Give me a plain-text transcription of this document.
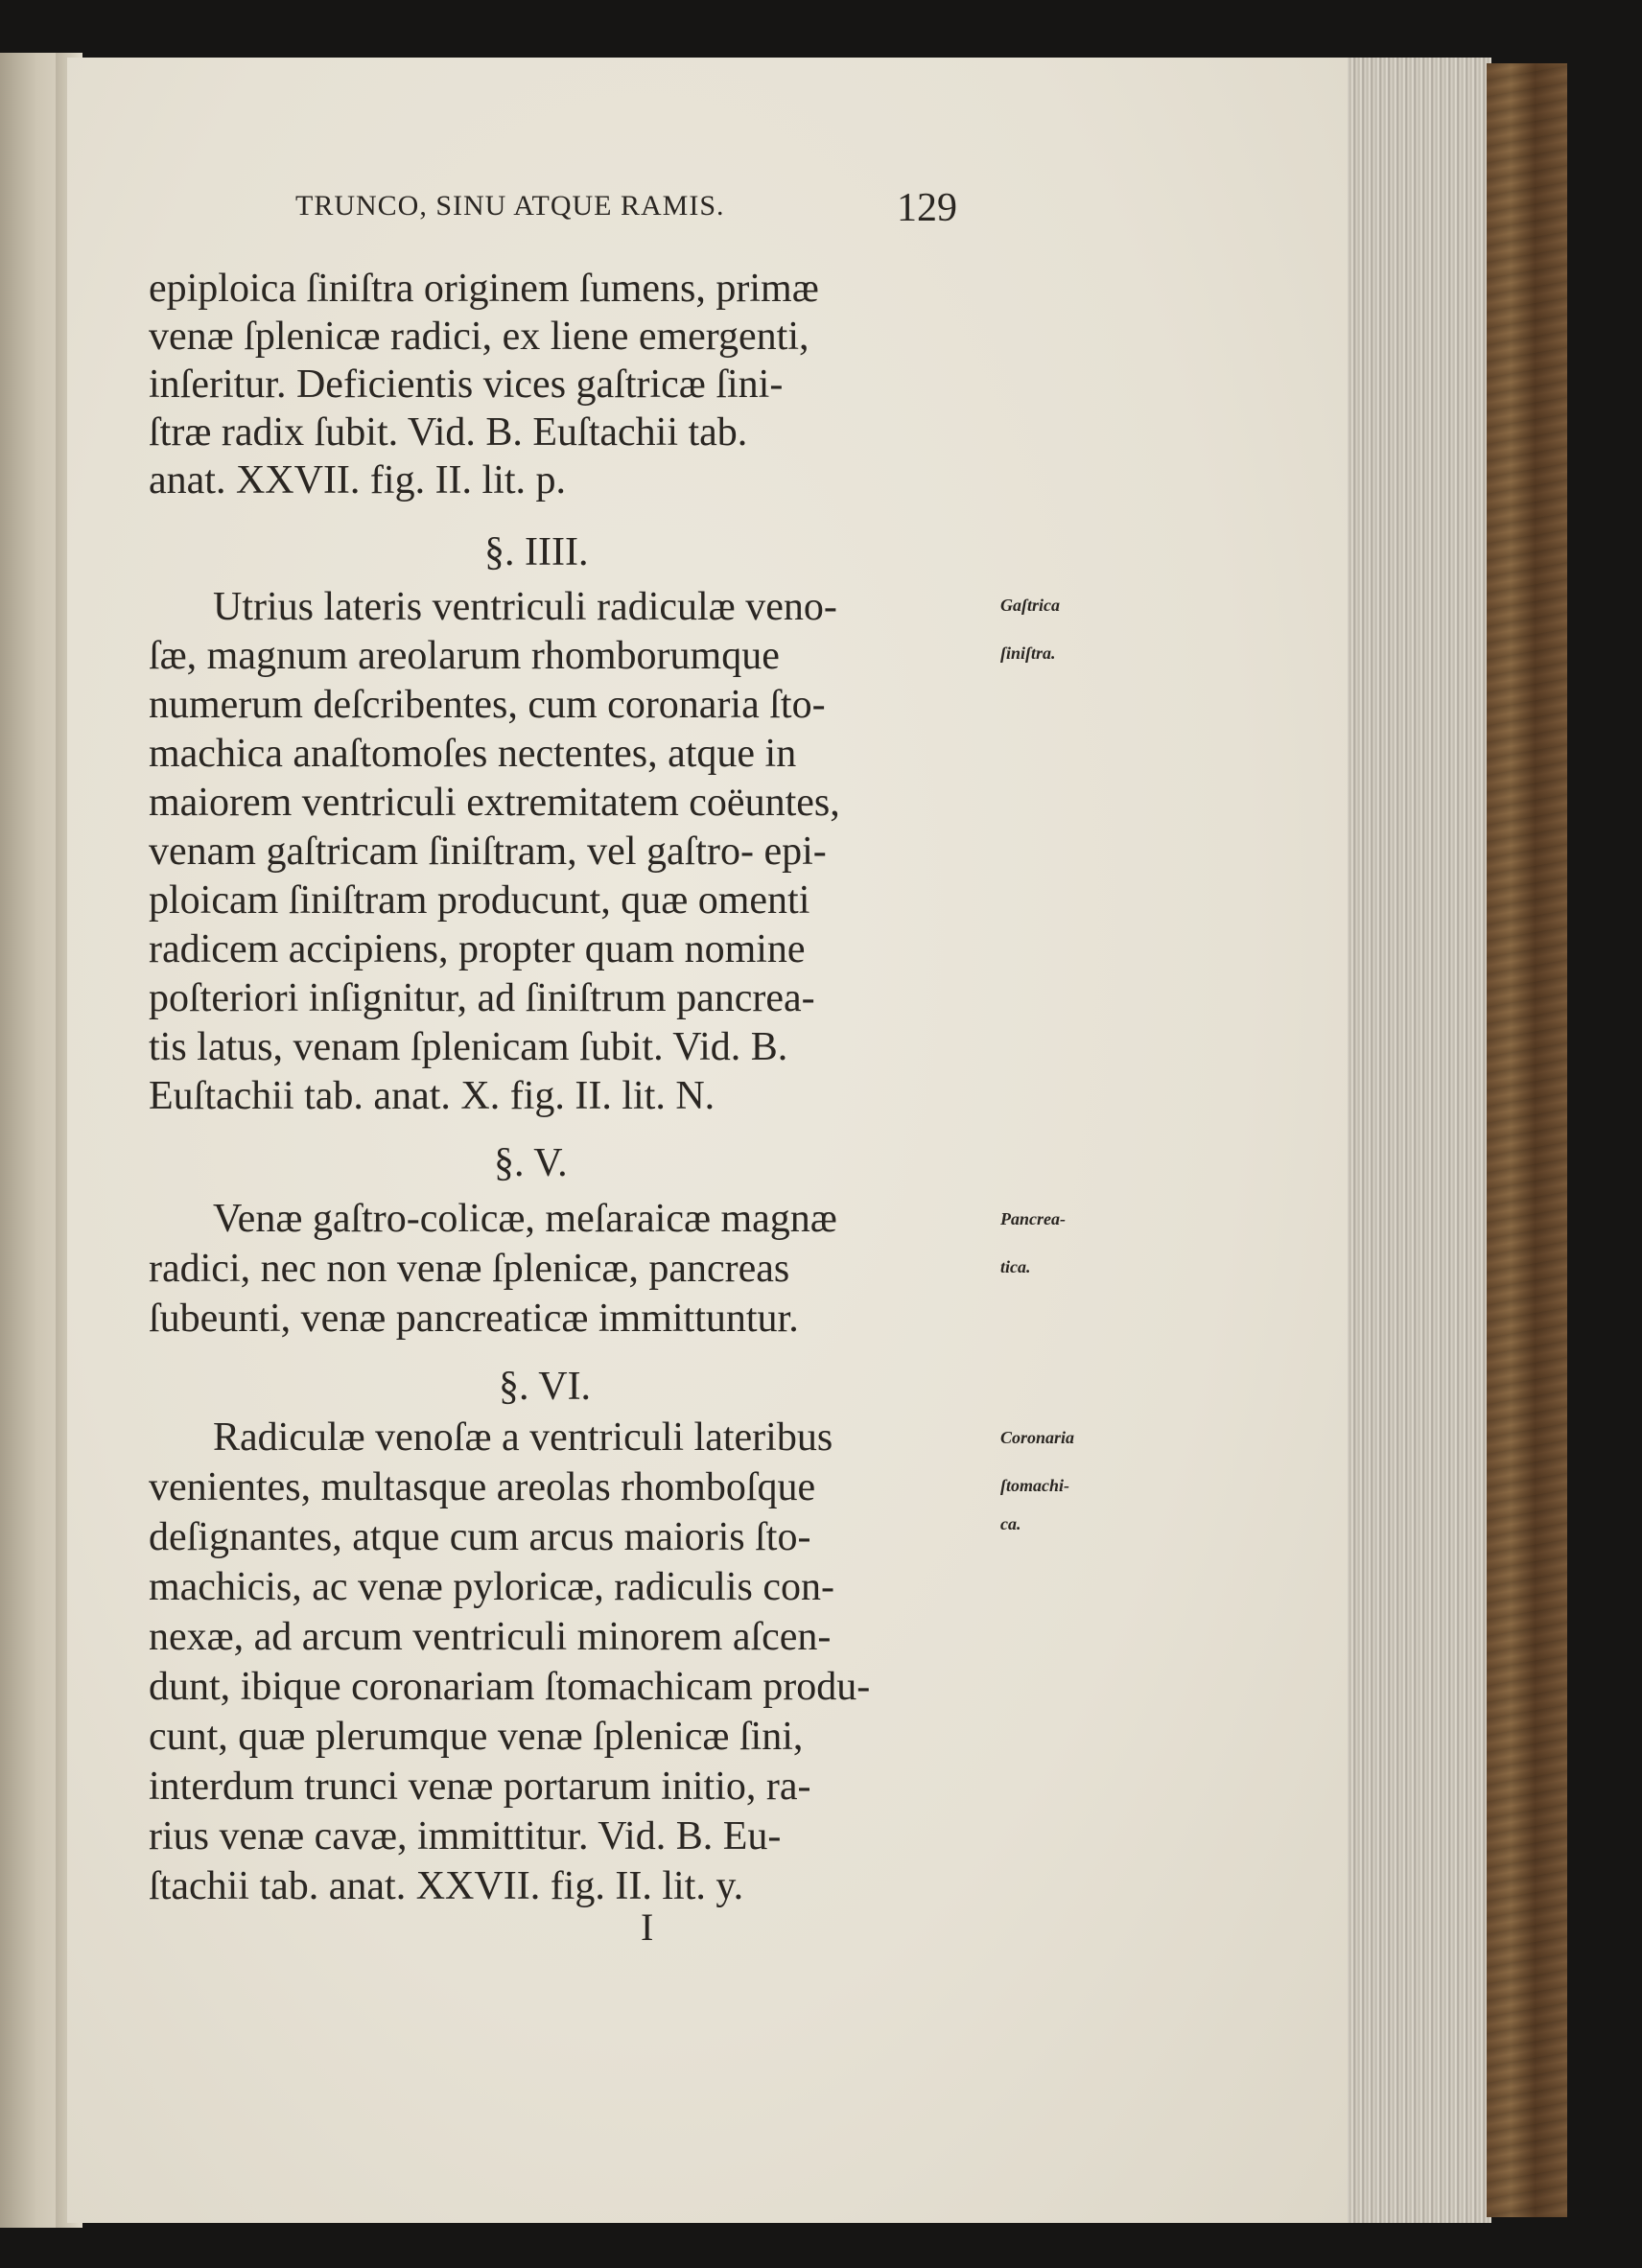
TRUNCO, SINU ATQUE RAMIS.	129
epiploica ſiniſtra originem ſumens, primæ
venæ ſplenicæ radici, ex liene emergenti,
inſeritur. Deficientis vices gaſtricæ ſini-
ſtræ radix ſubit. Vid. B. Euſtachii tab.
anat. XXVII. fig. II. lit. p.
§. IIII.
Utrius lateris ventriculi radiculæ veno-
ſæ, magnum areolarum rhomborumque
numerum deſcribentes, cum coronaria ſto-
machica anaſtomoſes nectentes, atque in
maiorem ventriculi extremitatem coëuntes,
venam gaſtricam ſiniſtram, vel gaſtro- epi-
ploicam ſiniſtram producunt, quæ omenti
radicem accipiens, propter quam nomine
poſteriori inſignitur, ad ſiniſtrum pancrea-
tis latus, venam ſplenicam ſubit. Vid. B.
Euſtachii tab. anat. X. fig. II. lit. N.
§. V.
Venæ gaſtro-colicæ, meſaraicæ magnæ
radici, nec non venæ ſplenicæ, pancreas
ſubeunti, venæ pancreaticæ immittuntur.
§. VI.
Radiculæ venoſæ a ventriculi lateribus
venientes, multasque areolas rhomboſque
deſignantes, atque cum arcus maioris ſto-
machicis, ac venæ pyloricæ, radiculis con-
nexæ, ad arcum ventriculi minorem aſcen-
dunt, ibique coronariam ſtomachicam produ-
cunt, quæ plerumque venæ ſplenicæ ſini,
interdum trunci venæ portarum initio, ra-
rius venæ cavæ, immittitur. Vid. B. Eu-
ſtachii tab. anat. XXVII. fig. II. lit. y.
I
Gaſtrica
ſiniſtra.
Pancrea-
tica.
Coronaria
ſtomachi-
ca.
